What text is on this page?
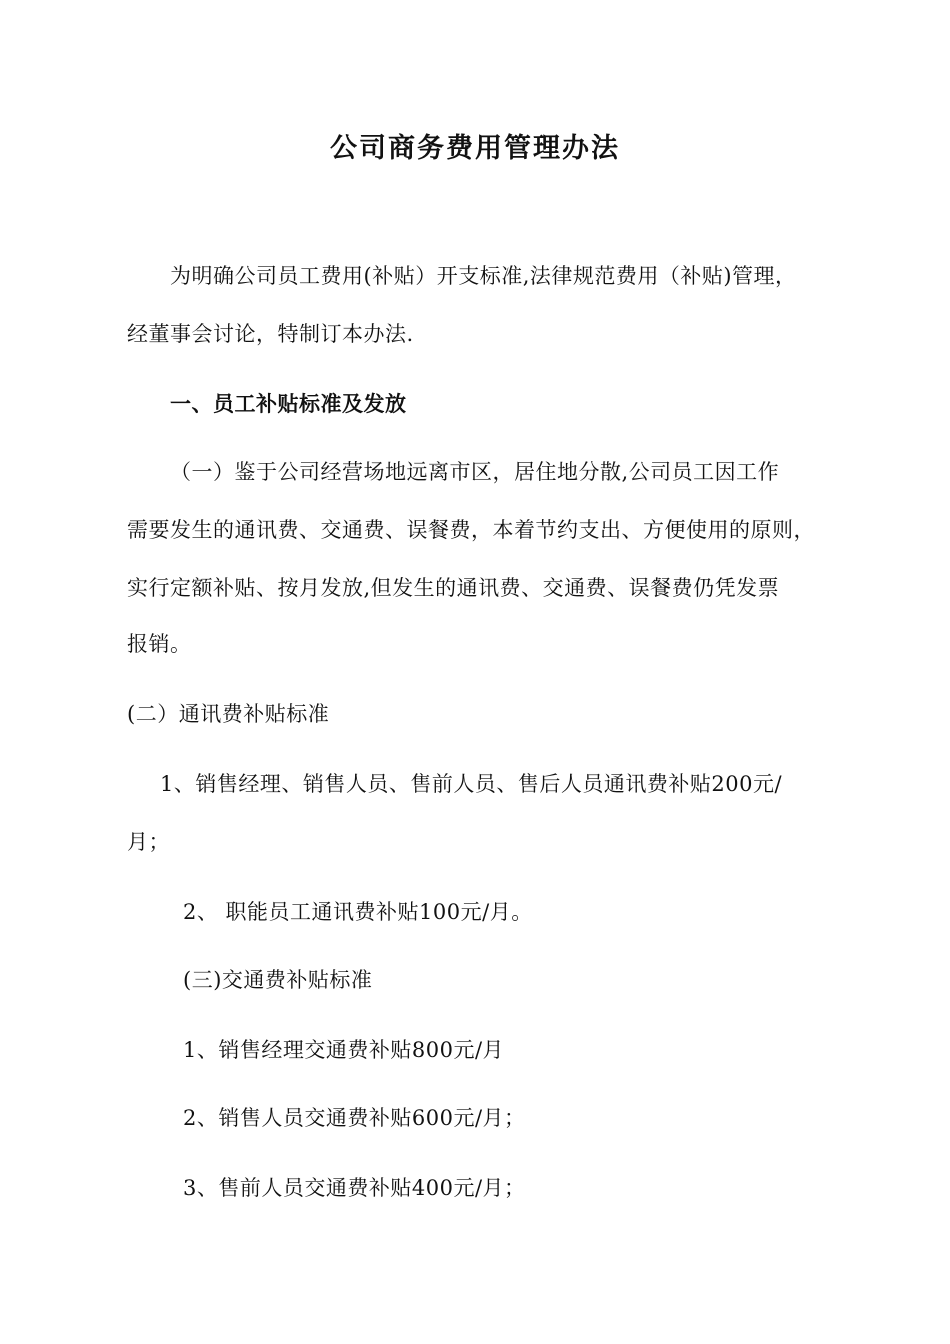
公司商务费用管理办法
为明确公司员工费用(补贴）开支标准,法律规范费用（补贴)管理，
经董事会讨论，特制订本办法.
一、员工补贴标准及发放
（一）鉴于公司经营场地远离市区，居住地分散,公司员工因工作
需要发生的通讯费、交通费、误餐费，本着节约支出、方便使用的原则，
实行定额补贴、按月发放,但发生的通讯费、交通费、误餐费仍凭发票
报销。
(二）通讯费补贴标准
1、销售经理、销售人员、售前人员、售后人员通讯费补贴200元/
月；
2、 职能员工通讯费补贴100元/月。
(三)交通费补贴标准
1、销售经理交通费补贴800元/月
2、销售人员交通费补贴600元/月；
3、售前人员交通费补贴400元/月；
